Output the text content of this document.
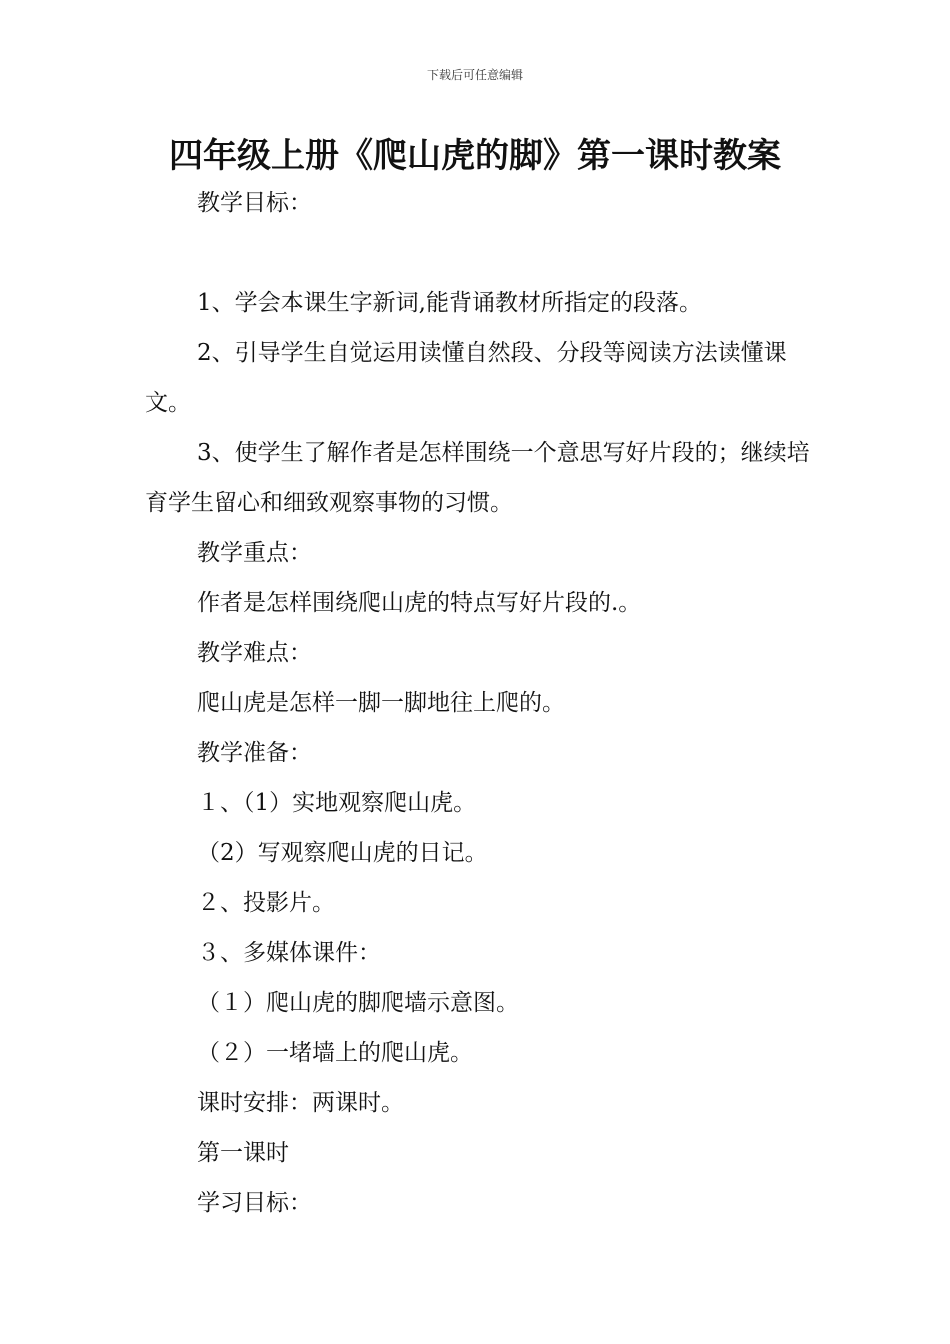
下载后可任意编辑
四年级上册《爬山虎的脚》第一课时教案

教学目标：

1、学会本课生字新词,能背诵教材所指定的段落。

2、引导学生自觉运用读懂自然段、分段等阅读方法读懂课文。

3、使学生了解作者是怎样围绕一个意思写好片段的；继续培育学生留心和细致观察事物的习惯。

教学重点：

作者是怎样围绕爬山虎的特点写好片段的.。

教学难点：

爬山虎是怎样一脚一脚地往上爬的。

教学准备：

１、（1）实地观察爬山虎。

（2）写观察爬山虎的日记。

２、投影片。

３、多媒体课件：

（１）爬山虎的脚爬墙示意图。

（２）一堵墙上的爬山虎。

课时安排：两课时。

第一课时

学习目标：
